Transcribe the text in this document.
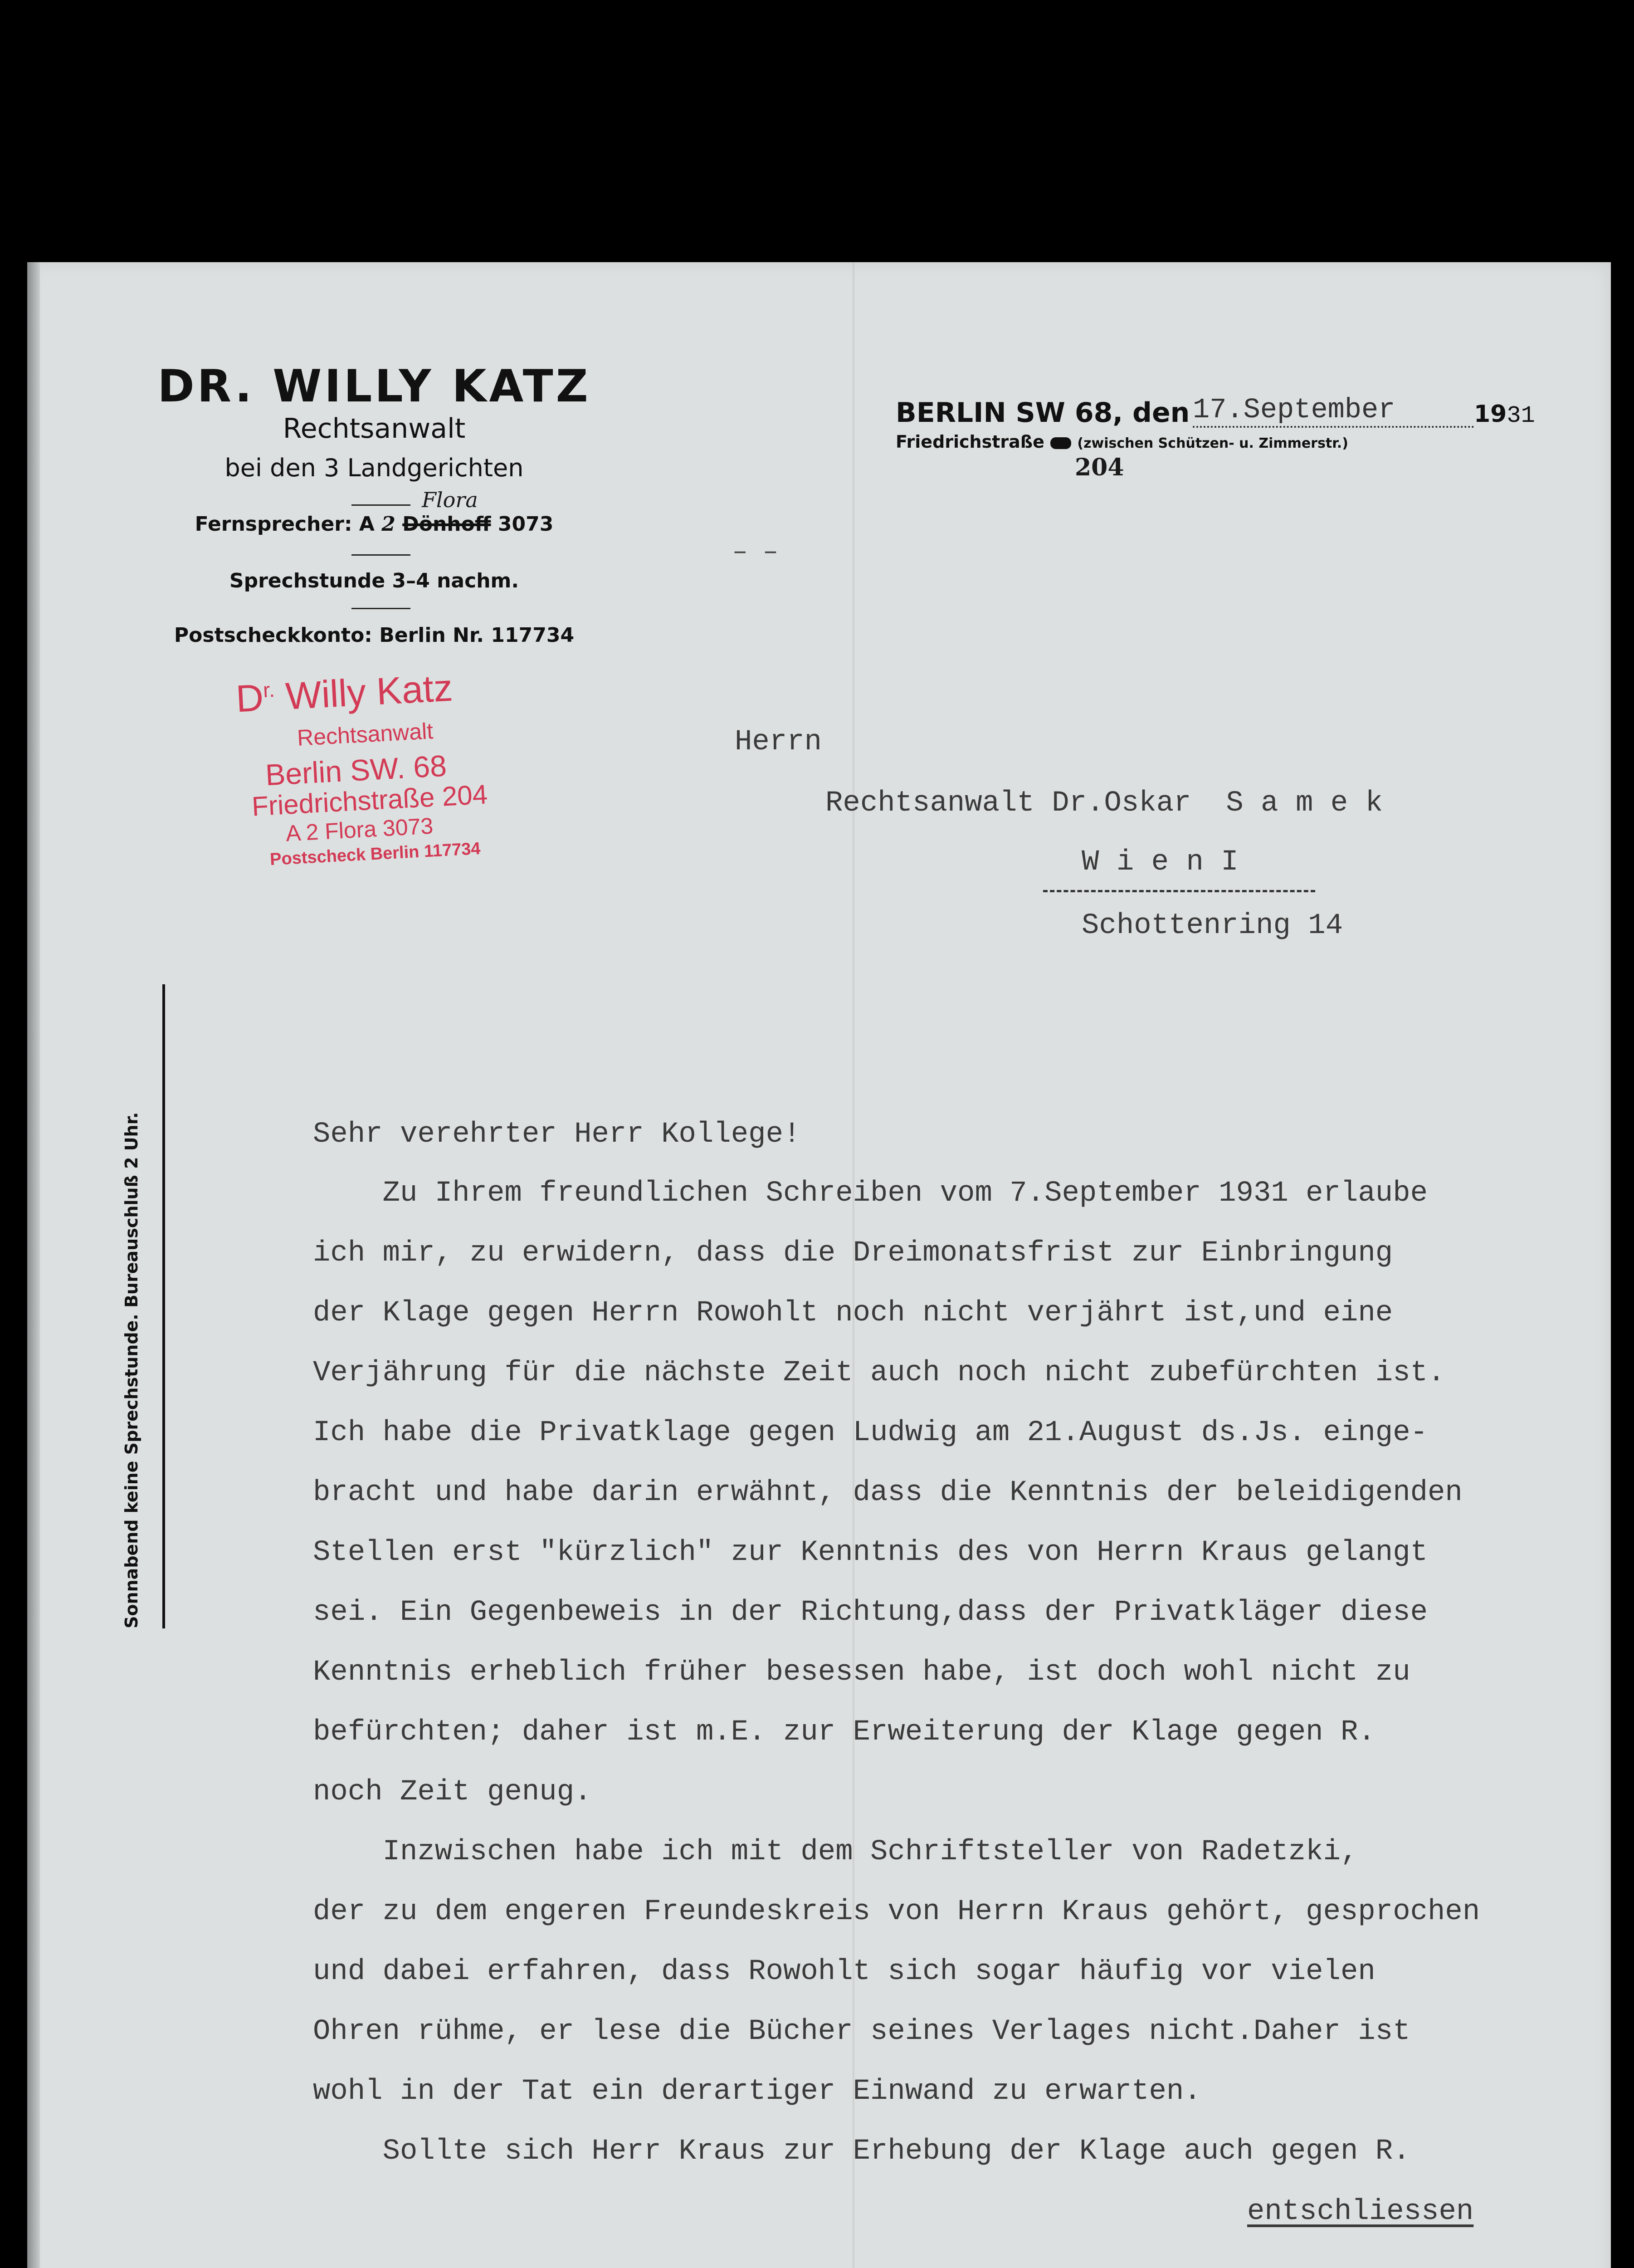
DR. WILLY KATZ
Rechtsanwalt
bei den 3 Landgerichten
Flora
Fernsprecher: A 2 Dönhoff 3073
Sprechstunde 3–4 nachm.
Postscheckkonto: Berlin Nr. 117734
BERLIN SW 68, den 17.September	1931
Friedrichstraße (zwischen Schützen- u. Zimmerstr.)
204
$D^{r.}$ Willy Katz
Rechtsanwalt
Berlin SW. 68
Friedrichstraße 204
A 2 Flora 3073
Postscheck Berlin 117734
Sonnabend keine Sprechstunde. Bureauschluß 2 Uhr.
– –
Herrn
Rechtsanwalt Dr.Oskar  S a m e k
W i e n I
Schottenring 14
Sehr verehrter Herr Kollege!
Zu Ihrem freundlichen Schreiben vom 7.September 1931 erlaube
ich mir, zu erwidern, dass die Dreimonatsfrist zur Einbringung
der Klage gegen Herrn Rowohlt noch nicht verjährt ist,und eine
Verjährung für die nächste Zeit auch noch nicht zubefürchten ist.
Ich habe die Privatklage gegen Ludwig am 21.August ds.Js. einge-
bracht und habe darin erwähnt, dass die Kenntnis der beleidigenden
Stellen erst "kürzlich" zur Kenntnis des von Herrn Kraus gelangt
sei. Ein Gegenbeweis in der Richtung,dass der Privatkläger diese
Kenntnis erheblich früher besessen habe, ist doch wohl nicht zu
befürchten; daher ist m.E. zur Erweiterung der Klage gegen R.
noch Zeit genug.
Inzwischen habe ich mit dem Schriftsteller von Radetzki,
der zu dem engeren Freundeskreis von Herrn Kraus gehört, gesprochen
und dabei erfahren, dass Rowohlt sich sogar häufig vor vielen
Ohren rühme, er lese die Bücher seines Verlages nicht.Daher ist
wohl in der Tat ein derartiger Einwand zu erwarten.
Sollte sich Herr Kraus zur Erhebung der Klage auch gegen R.
entschliessen
